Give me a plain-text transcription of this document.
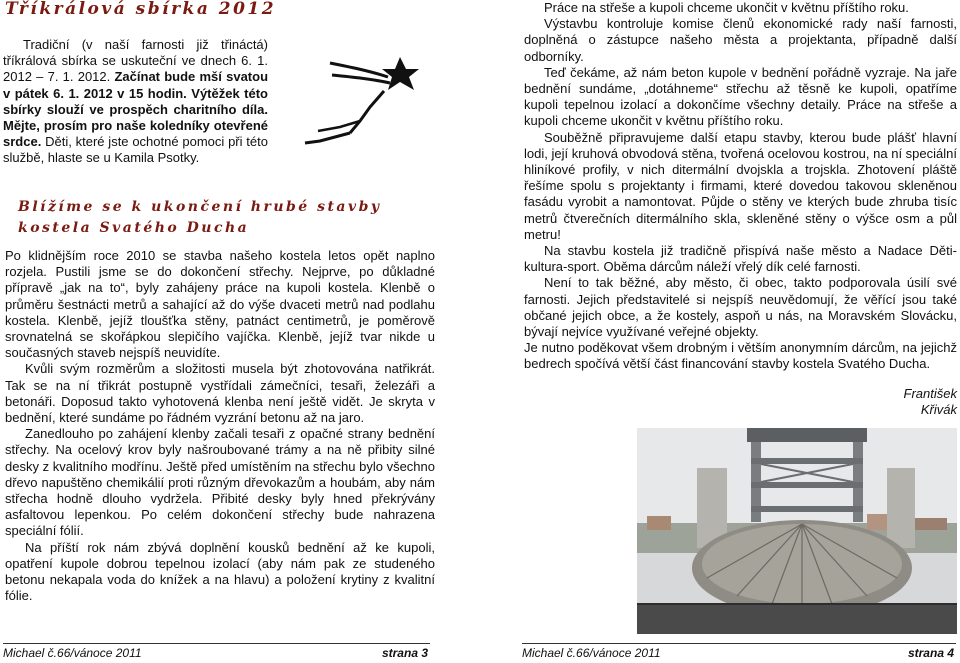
Tříkrálová sbírka 2012

Tradiční (v naší farnosti již třináctá) tříkrálová sbírka se uskuteční ve dnech 6. 1. 2012 – 7. 1. 2012. Začínat bude mší svatou v pátek 6. 1. 2012 v 15 hodin. Výtěžek této sbírky slouží ve prospěch charitního díla. Mějte, prosím pro naše koledníky otevřené srdce. Děti, které jste ochotné pomoci při této službě, hlaste se u Kamila Psotky.

Blížíme se k ukončení hrubé stavby kostela Svatého Ducha
Po klidnějším roce 2010 se stavba našeho kostela letos opět naplno rozjela. Pustili jsme se do dokončení střechy. Nejprve, po důkladné přípravě „jak na to“, byly zahájeny práce na kupoli kostela. Klenbě o průměru šestnácti metrů a sahající až do výše dvaceti metrů nad podlahu kostela. Klenbě, jejíž tloušťka stěny, patnáct centimetrů, je poměrově srovnatelná se skořápkou slepičího vajíčka. Klenbě, jejíž tvar nikde u současných staveb nejspíš neuvidíte.
Kvůli svým rozměrům a složitosti musela být zhotovována natřikrát. Tak se na ní třikrát postupně vystřídali zámečníci, tesaři, železáři a betonáři. Doposud takto vyhotovená klenba není ještě vidět. Je skryta v bednění, které sundáme po řádném vyzrání betonu až na jaro.
Zanedlouho po zahájení klenby začali tesaři z opačné strany bednění střechy. Na ocelový krov byly našroubované trámy a na ně přibity silné desky z kvalitního modřínu. Ještě před umístěním na střechu bylo všechno dřevo napuštěno chemikálií proti různým dřevokazům a houbám, aby nám střecha hodně dlouho vydržela. Přibité desky byly hned překrývány asfaltovou lepenkou. Po celém dokončení střechy bude nahrazena speciální fólií.
Na příští rok nám zbývá doplnění kousků bednění až ke kupoli, opatření kupole dobrou tepelnou izolací (aby nám pak ze studeného betonu nekapala voda do knížek a na hlavu) a položení krytiny z kvalitní fólie.
Práce na střeše a kupoli chceme ukončit v květnu příštího roku.
Výstavbu kontroluje komise členů ekonomické rady naší farnosti, doplněná o zástupce našeho města a projektanta, případně další odborníky.
Teď čekáme, až nám beton kupole v bednění pořádně vyzraje. Na jaře bednění sundáme, „dotáhneme“ střechu až těsně ke kupoli, opatříme kupoli tepelnou izolací a dokončíme všechny detaily. Práce na střeše a kupoli chceme ukončit v květnu příštího roku.
Souběžně připravujeme další etapu stavby, kterou bude plášť hlavní lodi, její kruhová obvodová stěna, tvořená ocelovou kostrou, na ní speciální hliníkové profily, v nich ditermální dvojskla a trojskla. Zhotovení pláště řešíme spolu s projektanty i firmami, které dovedou takovou skleněnou fasádu vyrobit a namontovat. Půjde o stěny ve kterých bude zhruba tisíc metrů čtverečních ditermálního skla, skleněné stěny o výšce osm a půl metru!
Na stavbu kostela již tradičně přispívá naše město a Nadace Děti-kultura-sport. Oběma dárcům náleží vřelý dík celé farnosti.
Není to tak běžné, aby město, či obec, takto podporovala úsilí své farnosti. Jejich představitelé si nejspíš neuvědomují, že věřící jsou také občané jejich obce, a že kostely, aspoň u nás, na Moravském Slovácku, bývají nejvíce využívané veřejné objekty.
Je nutno poděkovat všem drobným i větším anonymním dárcům, na jejichž bedrech spočívá větší část financování stavby kostela Svatého Ducha.
František
Křivák
Michael č.66/vánoce 2011	strana 3	Michael č.66/vánoce 2011	strana 4
